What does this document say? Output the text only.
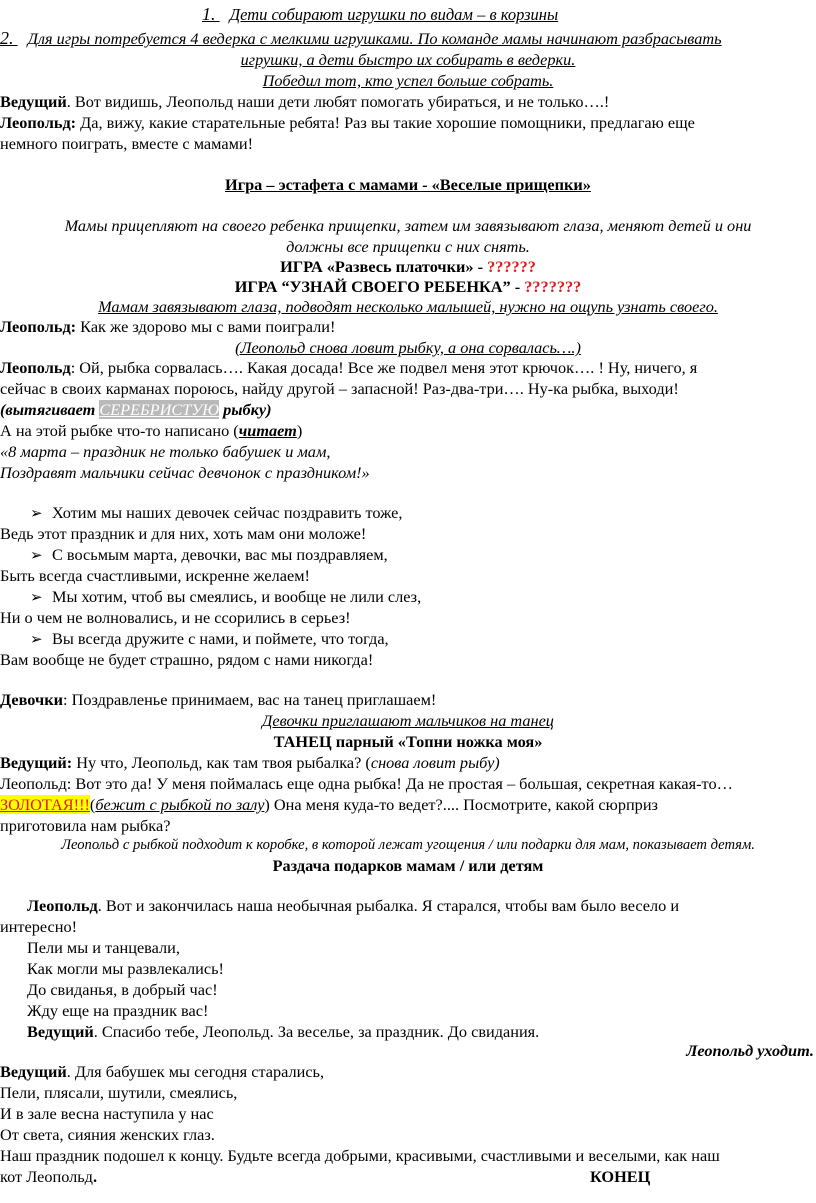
1. Дети собирают игрушки по видам – в корзины
2. Для игры потребуется 4 ведерка с мелкими игрушками. По команде мамы начинают разбрасывать
игрушки, а дети быстро их собирать в ведерки.
Победил тот, кто успел больше собрать.
Ведущий. Вот видишь, Леопольд наши дети любят помогать убираться, и не только….!
Леопольд: Да, вижу, какие старательные ребята! Раз вы такие хорошие помощники, предлагаю еще
немного поиграть, вместе с мамами!
Игра – эстафета с мамами - «Веселые прищепки»
Мамы прицепляют на своего ребенка прищепки, затем им завязывают глаза, меняют детей и они
должны все прищепки с них снять.
ИГРА «Развесь платочки» - ??????
ИГРА “УЗНАЙ СВОЕГО РЕБЕНКА” - ???????
Мамам завязывают глаза, подводят несколько малышей, нужно на ощупь узнать своего.
Леопольд: Как же здорово мы с вами поиграли!
(Леопольд снова ловит рыбку, а она сорвалась….)
Леопольд: Ой, рыбка сорвалась…. Какая досада! Все же подвел меня этот крючок…. ! Ну, ничего, я
сейчас в своих карманах пороюсь, найду другой – запасной! Раз-два-три…. Ну-ка рыбка, выходи!
(вытягивает СЕРЕБРИСТУЮ рыбку)
А на этой рыбке что-то написано (читает)
«8 марта – праздник не только бабушек и мам,
Поздравят мальчики сейчас девчонок с праздником!»
➢ Хотим мы наших девочек сейчас поздравить тоже,
Ведь этот праздник и для них, хоть мам они моложе!
➢ С восьмым марта, девочки, вас мы поздравляем,
Быть всегда счастливыми, искренне желаем!
➢ Мы хотим, чтоб вы смеялись, и вообще не лили слез,
Ни о чем не волновались, и не ссорились в серьез!
➢ Вы всегда дружите с нами, и поймете, что тогда,
Вам вообще не будет страшно, рядом с нами никогда!
Девочки: Поздравленье принимаем, вас на танец приглашаем!
Девочки приглашают мальчиков на танец
ТАНЕЦ парный «Топни ножка моя»
Ведущий: Ну что, Леопольд, как там твоя рыбалка? (снова ловит рыбу)
Леопольд: Вот это да! У меня поймалась еще одна рыбка! Да не простая – большая, секретная какая-то…
ЗОЛОТАЯ!!!(бежит с рыбкой по залу) Она меня куда-то ведет?.... Посмотрите, какой сюрприз
приготовила нам рыбка?
Леопольд с рыбкой подходит к коробке, в которой лежат угощения / или подарки для мам, показывает детям.
Раздача подарков мамам / или детям
Леопольд. Вот и закончилась наша необычная рыбалка. Я старался, чтобы вам было весело и
интересно!
Пели мы и танцевали,
Как могли мы развлекались!
До свиданья, в добрый час!
Жду еще на праздник вас!
Ведущий. Спасибо тебе, Леопольд. За веселье, за праздник. До свидания.
Леопольд уходит.
Ведущий. Для бабушек мы сегодня старались,
Пели, плясали, шутили, смеялись,
И в зале весна наступила у нас
От света, сияния женских глаз.
Наш праздник подошел к концу. Будьте всегда добрыми, красивыми, счастливыми и веселыми, как наш
кот Леопольд.	КОНЕЦ
